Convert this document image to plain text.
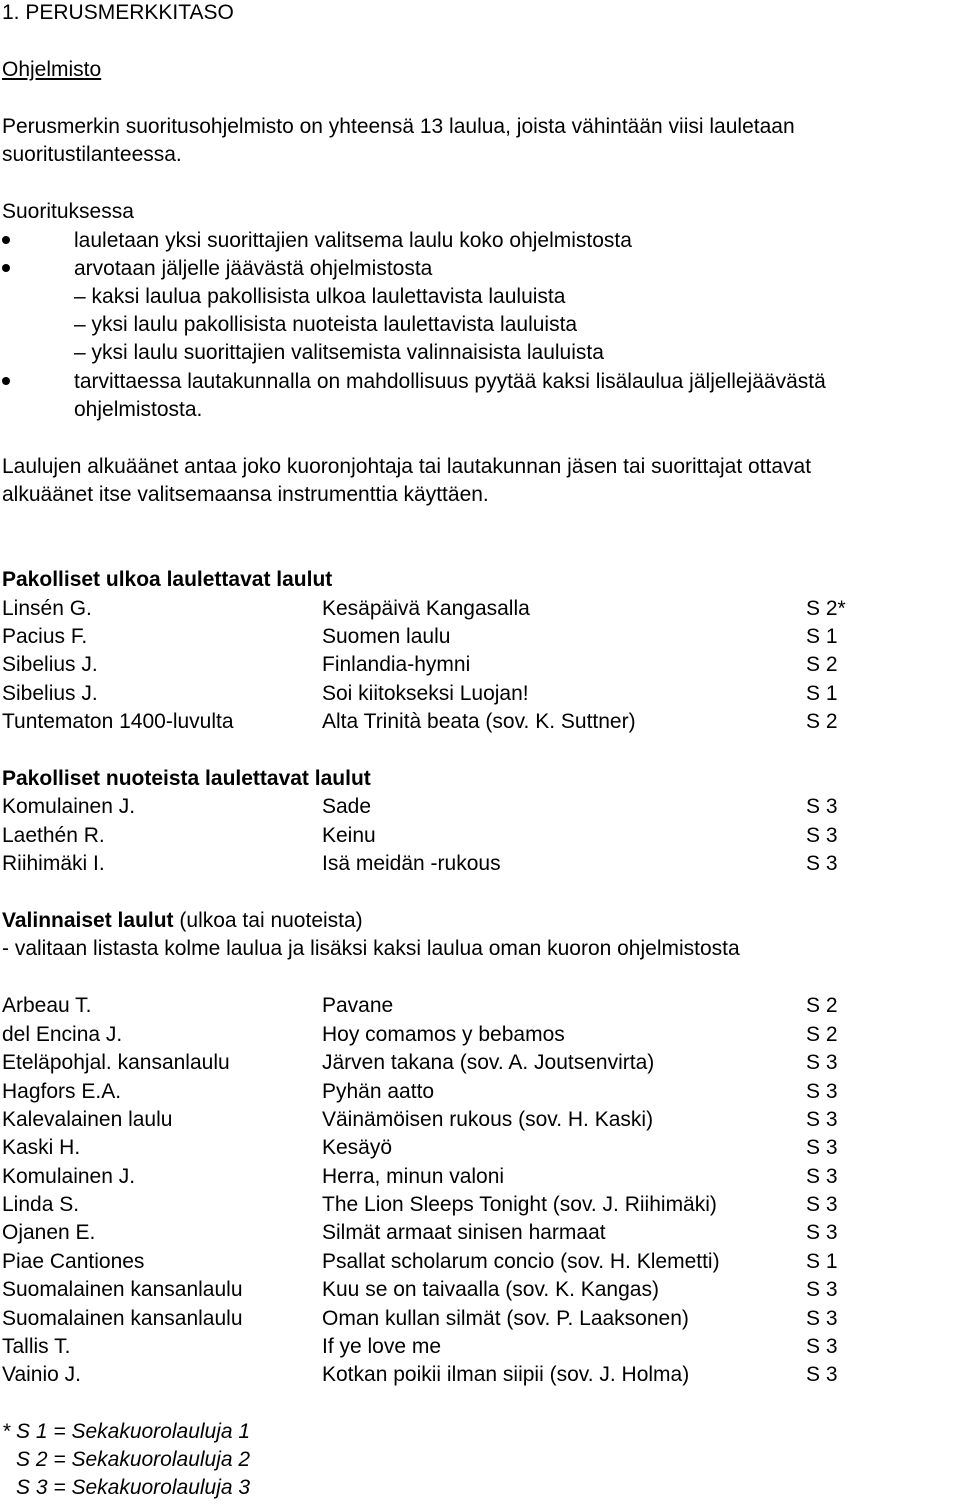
1. PERUSMERKKITASO
Ohjelmisto
Perusmerkin suoritusohjelmisto on yhteensä 13 laulua, joista vähintään viisi lauletaan
suoritustilanteessa.
Suorituksessa
lauletaan yksi suorittajien valitsema laulu koko ohjelmistosta
arvotaan jäljelle jäävästä ohjelmistosta
– kaksi laulua pakollisista ulkoa laulettavista lauluista
– yksi laulu pakollisista nuoteista laulettavista lauluista
– yksi laulu suorittajien valitsemista valinnaisista lauluista
tarvittaessa lautakunnalla on mahdollisuus pyytää kaksi lisälaulua jäljellejäävästä
ohjelmistosta.
Laulujen alkuäänet antaa joko kuoronjohtaja tai lautakunnan jäsen tai suorittajat ottavat
alkuäänet itse valitsemaansa instrumenttia käyttäen.
Pakolliset ulkoa laulettavat laulut
Linsén G.	Kesäpäivä Kangasalla	S 2*
Pacius F.	Suomen laulu	S 1
Sibelius J.	Finlandia-hymni	S 2
Sibelius J.	Soi kiitokseksi Luojan!	S 1
Tuntematon 1400-luvulta	Alta Trinità beata (sov. K. Suttner)	S 2
Pakolliset nuoteista laulettavat laulut
Komulainen J.	Sade	S 3
Laethén R.	Keinu	S 3
Riihimäki I.	Isä meidän -rukous	S 3
Valinnaiset laulut (ulkoa tai nuoteista)
- valitaan listasta kolme laulua ja lisäksi kaksi laulua oman kuoron ohjelmistosta
Arbeau T.	Pavane	S 2
del Encina J.	Hoy comamos y bebamos	S 2
Eteläpohjal. kansanlaulu	Järven takana (sov. A. Joutsenvirta)	S 3
Hagfors E.A.	Pyhän aatto	S 3
Kalevalainen laulu	Väinämöisen rukous (sov. H. Kaski)	S 3
Kaski H.	Kesäyö	S 3
Komulainen J.	Herra, minun valoni	S 3
Linda S.	The Lion Sleeps Tonight (sov. J. Riihimäki)	S 3
Ojanen E.	Silmät armaat sinisen harmaat	S 3
Piae Cantiones	Psallat scholarum concio (sov. H. Klemetti)	S 1
Suomalainen kansanlaulu	Kuu se on taivaalla (sov. K. Kangas)	S 3
Suomalainen kansanlaulu	Oman kullan silmät (sov. P. Laaksonen)	S 3
Tallis T.	If ye love me	S 3
Vainio J.	Kotkan poikii ilman siipii (sov. J. Holma)	S 3
* S 1 = Sekakuorolauluja 1
S 2 = Sekakuorolauluja 2
S 3 = Sekakuorolauluja 3
